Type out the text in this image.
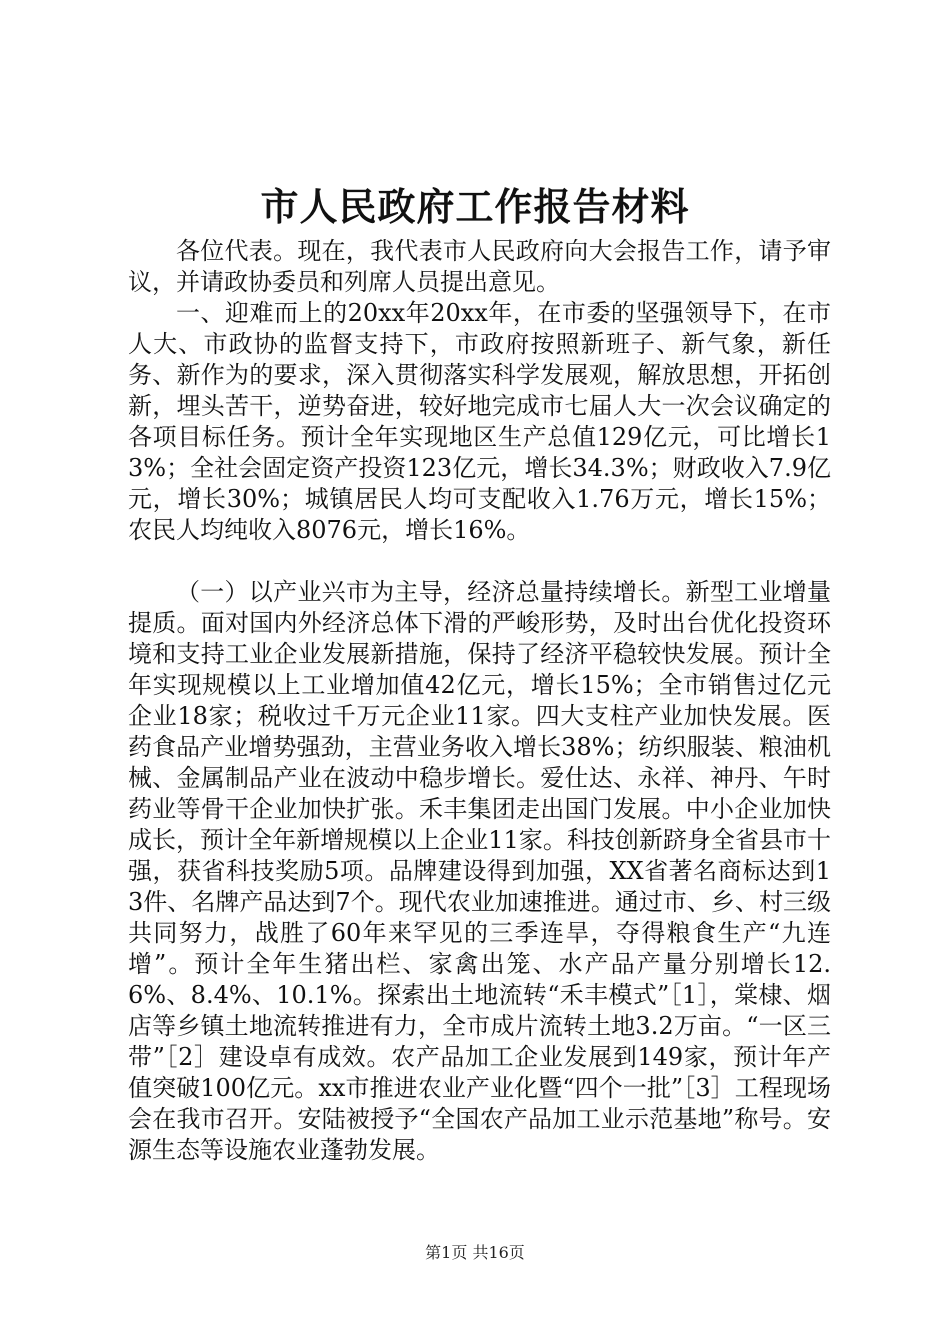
市人民政府工作报告材料

各位代表。现在，我代表市人民政府向大会报告工作，请予审议，并请政协委员和列席人员提出意见。

一、迎难而上的20xx年20xx年，在市委的坚强领导下，在市人大、市政协的监督支持下，市政府按照新班子、新气象，新任务、新作为的要求，深入贯彻落实科学发展观，解放思想，开拓创新，埋头苦干，逆势奋进，较好地完成市七届人大一次会议确定的各项目标任务。预计全年实现地区生产总值129亿元，可比增长13%；全社会固定资产投资123亿元，增长34.3%；财政收入7.9亿元，增长30%；城镇居民人均可支配收入1.76万元，增长15%；农民人均纯收入8076元，增长16%。

（一）以产业兴市为主导，经济总量持续增长。新型工业增量提质。面对国内外经济总体下滑的严峻形势，及时出台优化投资环境和支持工业企业发展新措施，保持了经济平稳较快发展。预计全年实现规模以上工业增加值42亿元，增长15%；全市销售过亿元企业18家；税收过千万元企业11家。四大支柱产业加快发展。医药食品产业增势强劲，主营业务收入增长38%；纺织服装、粮油机械、金属制品产业在波动中稳步增长。爱仕达、永祥、神丹、午时药业等骨干企业加快扩张。禾丰集团走出国门发展。中小企业加快成长，预计全年新增规模以上企业11家。科技创新跻身全省县市十强，获省科技奖励5项。品牌建设得到加强，XX省著名商标达到13件、名牌产品达到7个。现代农业加速推进。通过市、乡、村三级共同努力，战胜了60年来罕见的三季连旱，夺得粮食生产“九连增”。预计全年生猪出栏、家禽出笼、水产品产量分别增长12.6%、8.4%、10.1%。探索出土地流转“禾丰模式”［1］，棠棣、烟店等乡镇土地流转推进有力，全市成片流转土地3.2万亩。“一区三带”［2］建设卓有成效。农产品加工企业发展到149家，预计年产值突破100亿元。xx市推进农业产业化暨“四个一批”［3］工程现场会在我市召开。安陆被授予“全国农产品加工业示范基地”称号。安源生态等设施农业蓬勃发展。

第1页 共16页
